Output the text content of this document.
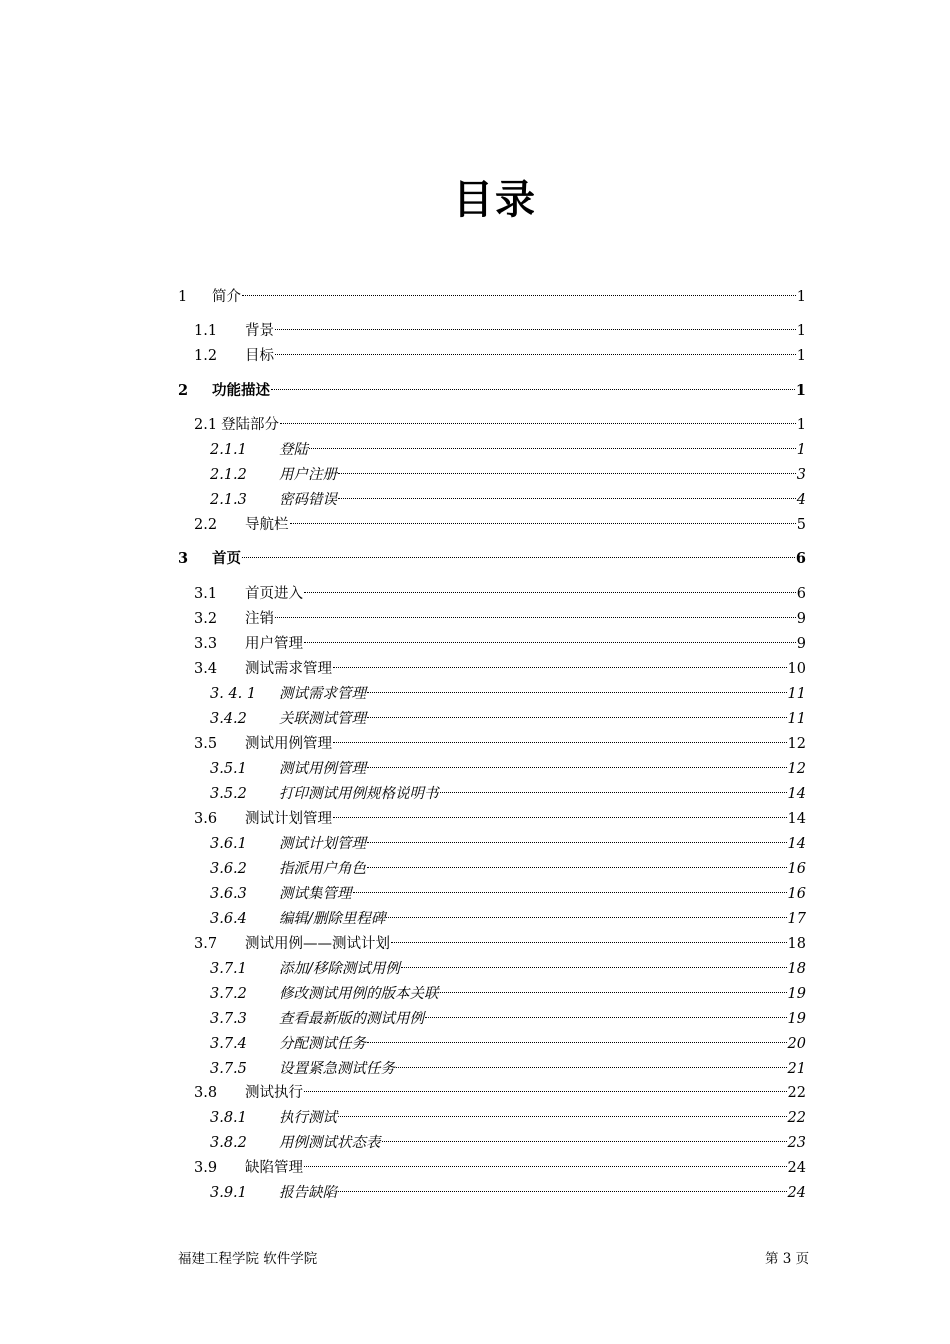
目录
1	简介	1
1.1	背景	1
1.2	目标	1
2	功能描述	1
2.1 登陆部分	1
2.1.1	登陆	1
2.1.2	用户注册	3
2.1.3	密码错误	4
2.2	导航栏	5
3	首页	6
3.1	首页进入	6
3.2	注销	9
3.3	用户管理	9
3.4	测试需求管理	10
3. 4. 1	测试需求管理	11
3.4.2	关联测试管理	11
3.5	测试用例管理	12
3.5.1	测试用例管理	12
3.5.2	打印测试用例规格说明书	14
3.6	测试计划管理	14
3.6.1	测试计划管理	14
3.6.2	指派用户角色	16
3.6.3	测试集管理	16
3.6.4	编辑/删除里程碑	17
3.7	测试用例——测试计划	18
3.7.1	添加/移除测试用例	18
3.7.2	修改测试用例的版本关联	19
3.7.3	查看最新版的测试用例	19
3.7.4	分配测试任务	20
3.7.5	设置紧急测试任务	21
3.8	测试执行	22
3.8.1	执行测试	22
3.8.2	用例测试状态表	23
3.9	缺陷管理	24
3.9.1	报告缺陷	24
福建工程学院 软件学院	第 3 页
